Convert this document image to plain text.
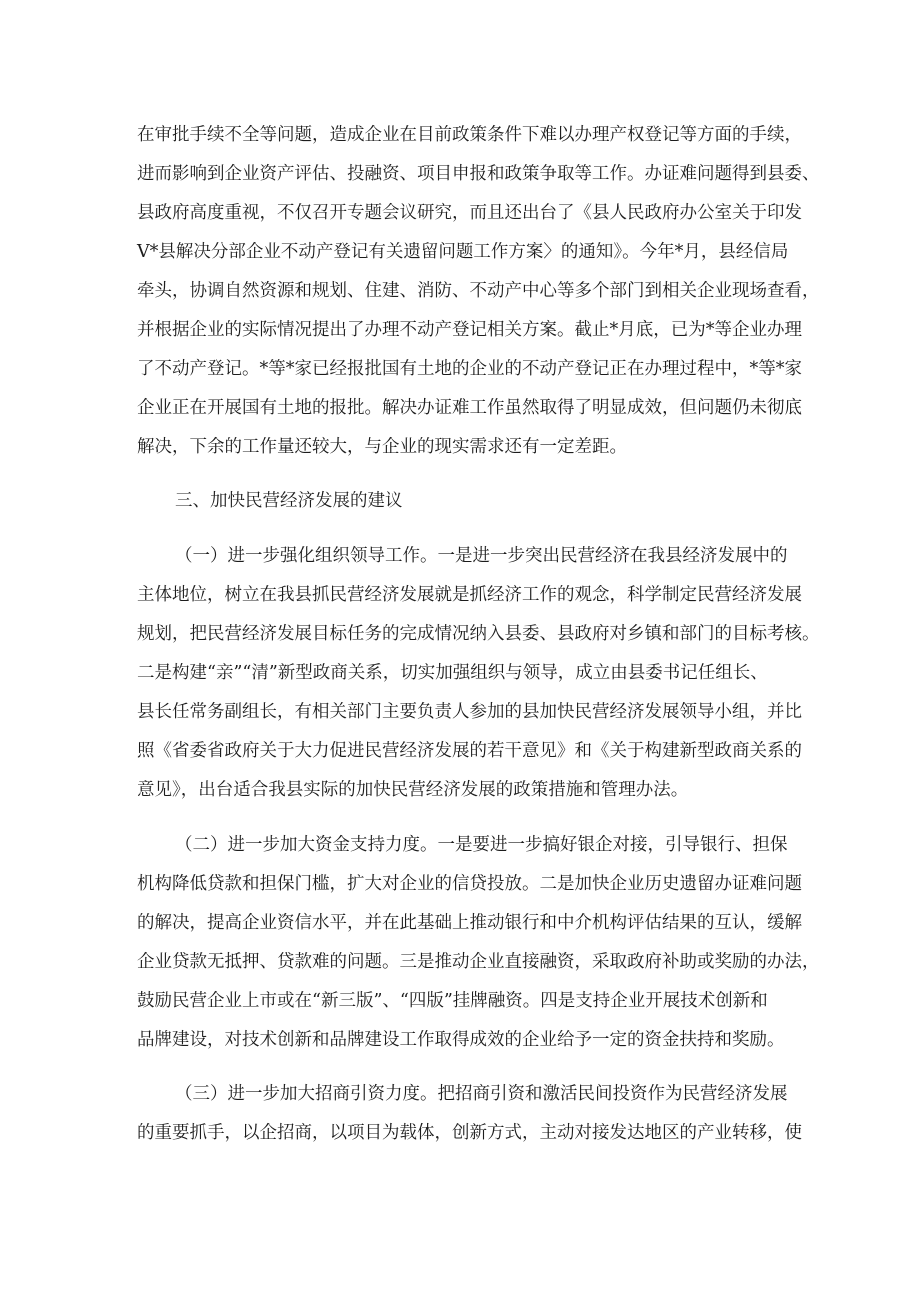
在审批手续不全等问题，造成企业在目前政策条件下难以办理产权登记等方面的手续，

进而影响到企业资产评估、投融资、项目申报和政策争取等工作。办证难问题得到县委、

县政府高度重视，不仅召开专题会议研究，而且还出台了《县人民政府办公室关于印发

V*县解决分部企业不动产登记有关遗留问题工作方案〉的通知》。今年*月，县经信局

牵头，协调自然资源和规划、住建、消防、不动产中心等多个部门到相关企业现场查看，

并根据企业的实际情况提出了办理不动产登记相关方案。截止*月底，已为*等企业办理

了不动产登记。*等*家已经报批国有土地的企业的不动产登记正在办理过程中，*等*家

企业正在开展国有土地的报批。解决办证难工作虽然取得了明显成效，但问题仍未彻底

解决，下余的工作量还较大，与企业的现实需求还有一定差距。

三、加快民营经济发展的建议

（一）进一步强化组织领导工作。一是进一步突出民营经济在我县经济发展中的

主体地位，树立在我县抓民营经济发展就是抓经济工作的观念，科学制定民营经济发展

规划，把民营经济发展目标任务的完成情况纳入县委、县政府对乡镇和部门的目标考核。

二是构建“亲”“清”新型政商关系，切实加强组织与领导，成立由县委书记任组长、

县长任常务副组长，有相关部门主要负责人参加的县加快民营经济发展领导小组，并比

照《省委省政府关于大力促进民营经济发展的若干意见》和《关于构建新型政商关系的

意见》，出台适合我县实际的加快民营经济发展的政策措施和管理办法。

（二）进一步加大资金支持力度。一是要进一步搞好银企对接，引导银行、担保

机构降低贷款和担保门槛，扩大对企业的信贷投放。二是加快企业历史遗留办证难问题

的解决，提高企业资信水平，并在此基础上推动银行和中介机构评估结果的互认，缓解

企业贷款无抵押、贷款难的问题。三是推动企业直接融资，采取政府补助或奖励的办法，

鼓励民营企业上市或在“新三版”、“四版”挂牌融资。四是支持企业开展技术创新和

品牌建设，对技术创新和品牌建设工作取得成效的企业给予一定的资金扶持和奖励。

（三）进一步加大招商引资力度。把招商引资和激活民间投资作为民营经济发展

的重要抓手，以企招商，以项目为载体，创新方式，主动对接发达地区的产业转移，使
